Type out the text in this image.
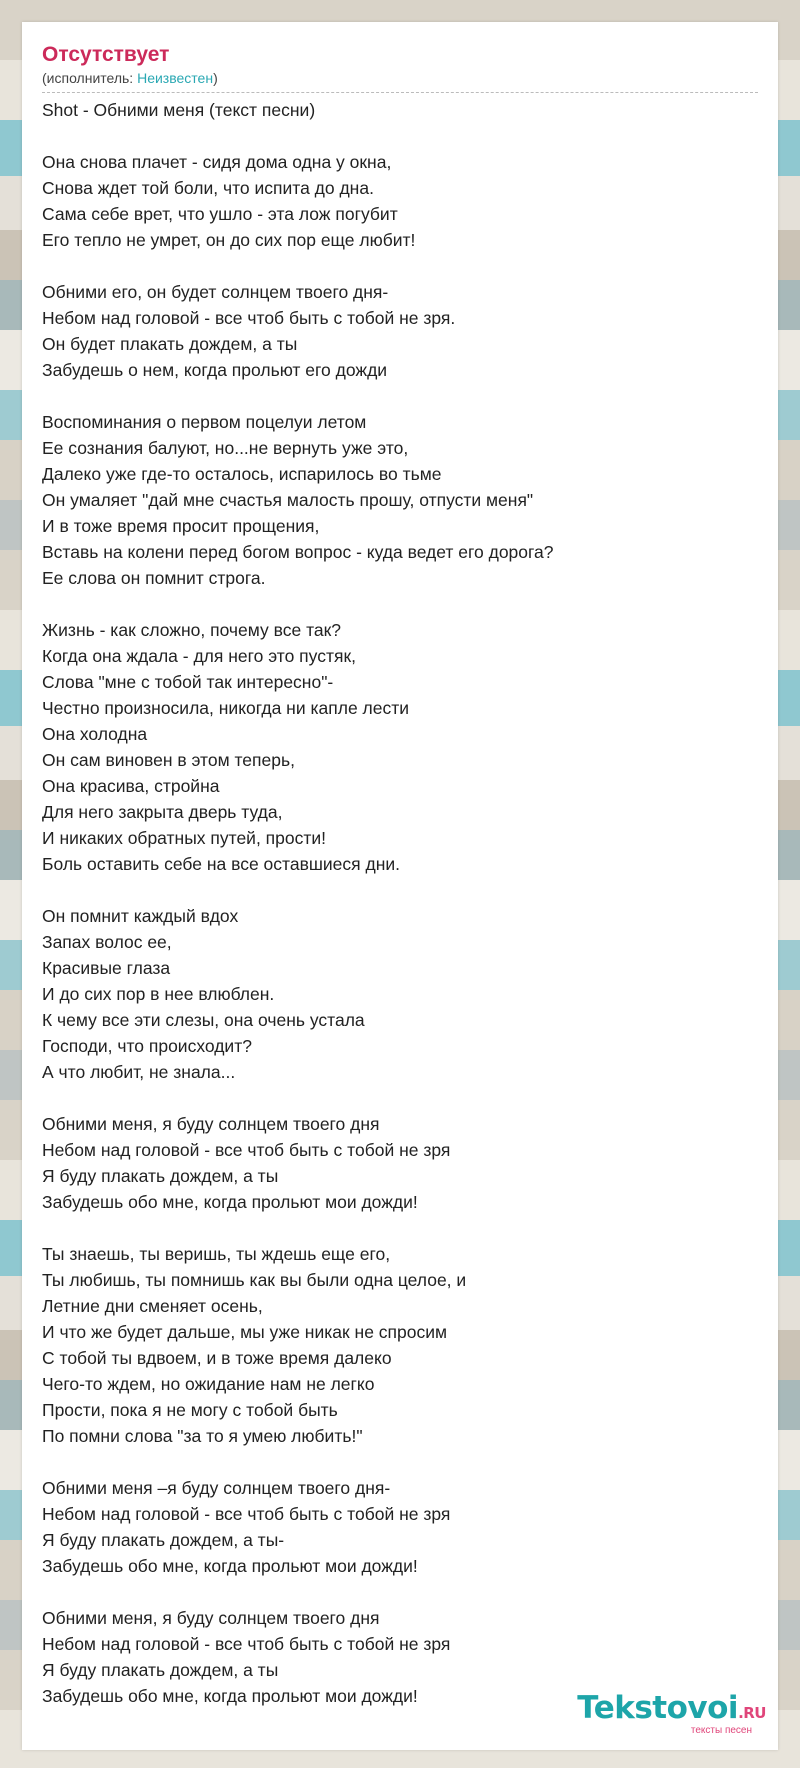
Отсутствует
(исполнитель: Неизвестен)
Shot - Обними меня (текст песни)
Она снова плачет - сидя дома одна у окна,
Снова ждет той боли, что испита до дна.
Сама себе врет, что ушло - эта лож погубит
Его тепло не умрет, он до сих пор еще любит!
Обними его, он будет солнцем твоего дня-
Небом над головой - все чтоб быть с тобой не зря.
Он будет плакать дождем, а ты
Забудешь о нем, когда прольют его дожди
Воспоминания о первом поцелуи летом
Ее сознания балуют, но...не вернуть уже это,
Далеко уже где-то осталось, испарилось во тьме
Он умаляет "дай мне счастья малость прошу, отпусти меня"
И в тоже время просит прощения,
Вставь на колени перед богом вопрос - куда ведет его дорога?
Ее слова он помнит строга.
Жизнь - как сложно, почему все так?
Когда она ждала - для него это пустяк,
Слова "мне с тобой так интересно"-
Честно произносила, никогда ни капле лести
Она холодна
Он сам виновен в этом теперь,
Она красива, стройна
Для него закрыта дверь туда,
И никаких обратных путей, прости!
Боль оставить себе на все оставшиеся дни.
Он помнит каждый вдох
Запах волос ее,
Красивые глаза
И до сих пор в нее влюблен.
К чему все эти слезы, она очень устала
Господи, что происходит?
А что любит, не знала...
Обними меня, я буду солнцем твоего дня
Небом над головой - все чтоб быть с тобой не зря
Я буду плакать дождем, а ты
Забудешь обо мне, когда прольют мои дожди!
Ты знаешь, ты веришь, ты ждешь еще его,
Ты любишь, ты помнишь как вы были одна целое, и
Летние дни сменяет осень,
И что же будет дальше, мы уже никак не спросим
С тобой ты вдвоем, и в тоже время далеко
Чего-то ждем, но ожидание нам не легко
Прости, пока я не могу с тобой быть
По помни слова "за то я умею любить!"
Обними меня –я буду солнцем твоего дня-
Небом над головой - все чтоб быть с тобой не зря
Я буду плакать дождем, а ты-
Забудешь обо мне, когда прольют мои дожди!
Обними меня, я буду солнцем твоего дня
Небом над головой - все чтоб быть с тобой не зря
Я буду плакать дождем, а ты
Забудешь обо мне, когда прольют мои дожди!	Tekstovoi.RU
тексты песен
